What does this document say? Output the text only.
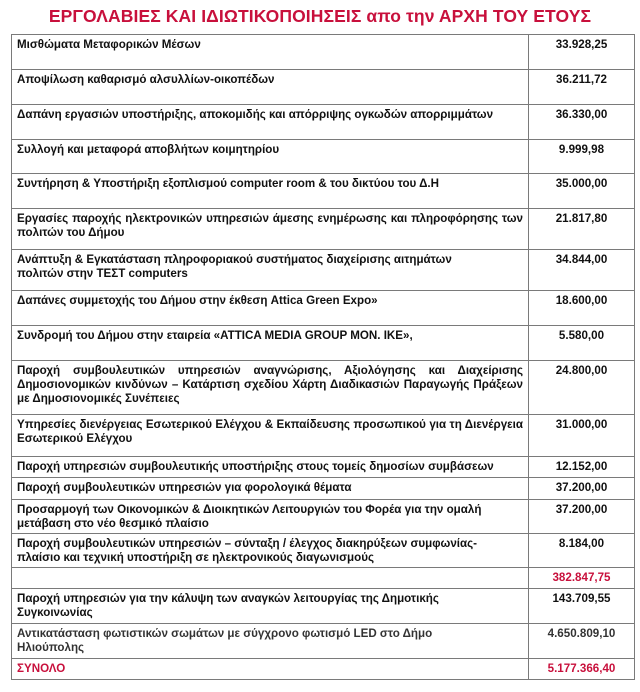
ΕΡΓΟΛΑΒΙΕΣ ΚΑΙ ΙΔΙΩΤΙΚΟΠΟΙΗΣΕΙΣ απο την ΑΡΧΗ ΤΟΥ ΕΤΟΥΣ
Μισθώματα Μεταφορικών Μέσων	33.928,25
Αποψίλωση καθαρισμό αλσυλλίων-οικοπέδων	36.211,72
Δαπάνη εργασιών υποστήριξης, αποκομιδής και απόρριψης ογκωδών απορριμμάτων	36.330,00
Συλλογή και μεταφορά αποβλήτων κοιμητηρίου	9.999,98
Συντήρηση & Υποστήριξη εξοπλισμού computer room & του δικτύου του Δ.Η	35.000,00
Εργασίες παροχής ηλεκτρονικών υπηρεσιών άμεσης ενημέρωσης και πληροφόρησης των πολιτών του Δήμου	21.817,80
Ανάπτυξη & Εγκατάσταση πληροφοριακού συστήματος διαχείρισης αιτημάτων πολιτών στην ΤΕΣΤ computers	34.844,00
Δαπάνες συμμετοχής του Δήμου στην έκθεση Attica Green Expo»	18.600,00
Συνδρομή του Δήμου στην εταιρεία «ATTICA MEDIA GROUP MON. IKE»,	5.580,00
Παροχή συμβουλευτικών υπηρεσιών αναγνώρισης, Αξιολόγησης και Διαχείρισης Δημοσιονομικών κινδύνων – Κατάρτιση σχεδίου Χάρτη Διαδικασιών Παραγωγής Πράξεων με Δημοσιονομικές Συνέπειες	24.800,00
Υπηρεσίες διενέργειας Εσωτερικού Ελέγχου & Εκπαίδευσης προσωπικού για τη Διενέργεια Εσωτερικού Ελέγχου	31.000,00
Παροχή υπηρεσιών συμβουλευτικής υποστήριξης στους τομείς δημοσίων συμβάσεων	12.152,00
Παροχή συμβουλευτικών υπηρεσιών για φορολογικά θέματα	37.200,00
Προσαρμογή των Οικονομικών & Διοικητικών Λειτουργιών του Φορέα για την ομαλή μετάβαση στο νέο θεσμικό πλαίσιο	37.200,00
Παροχή συμβουλευτικών υπηρεσιών – σύνταξη / έλεγχος διακηρύξεων συμφωνίας-πλαίσιο και τεχνική υποστήριξη σε ηλεκτρονικούς διαγωνισμούς	8.184,00
	382.847,75
Παροχή υπηρεσιών για την κάλυψη των αναγκών λειτουργίας της Δημοτικής Συγκοινωνίας	143.709,55
Αντικατάσταση φωτιστικών σωμάτων με σύγχρονο φωτισμό LED στο Δήμο Ηλιούπολης	4.650.809,10
ΣΥΝΟΛΟ	5.177.366,40
